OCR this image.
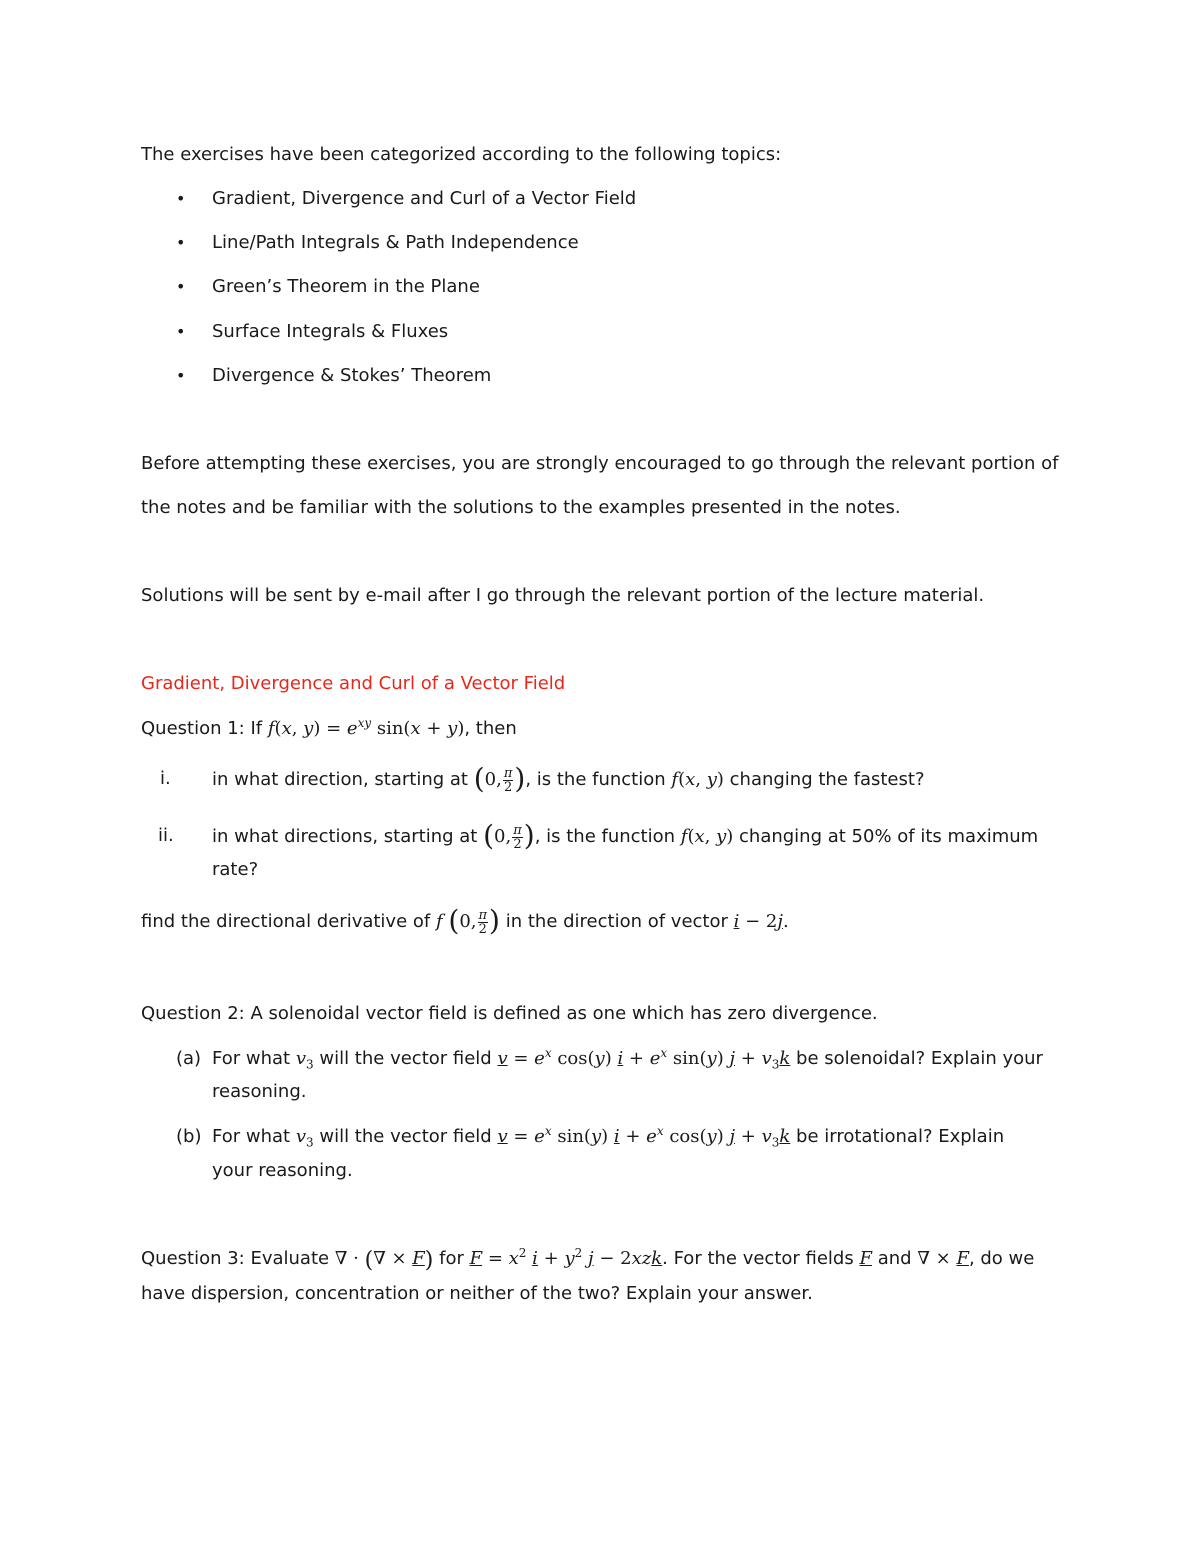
The exercises have been categorized according to the following topics:
• Gradient, Divergence and Curl of a Vector Field
• Line/Path Integrals & Path Independence
• Green’s Theorem in the Plane
• Surface Integrals & Fluxes
• Divergence & Stokes’ Theorem
Before attempting these exercises, you are strongly encouraged to go through the relevant portion of
the notes and be familiar with the solutions to the examples presented in the notes.
Solutions will be sent by e-mail after I go through the relevant portion of the lecture material.
Gradient, Divergence and Curl of a Vector Field
Question 1: If f(x, $y) = e^{xy}$ sin(x + y), then
i. in what direction, starting at (0, $\frac{\pi}{2}$ ), is the function f(x, y) changing the fastest?
ii. in what directions, starting at (0, $\frac{\pi}{2}$ ), is the function f(x, y) changing at 50% of its maximum
rate?
find the directional derivative of f (0, $\frac{\pi}{2}$ ) in the direction of vector i − 2j.
Question 2: A solenoidal vector field is defined as one which has zero divergence.
(a) For what $v_3$ will the vector field $v = e^x$ cos(y) $i + e^x$ sin(y) $j + v_3k$ be solenoidal? Explain your
reasoning.
(b) For what $v_3$ will the vector field $v = e^x$ sin(y) $i + e^x$ cos(y) $j + v_3k$ be irrotational? Explain
your reasoning.
Question 3: Evaluate ∇ · (∇ × F) for $F = x^2$ $i + y^2$ j − 2xzk. For the vector fields F and ∇ × F, do we
have dispersion, concentration or neither of the two? Explain your answer.
